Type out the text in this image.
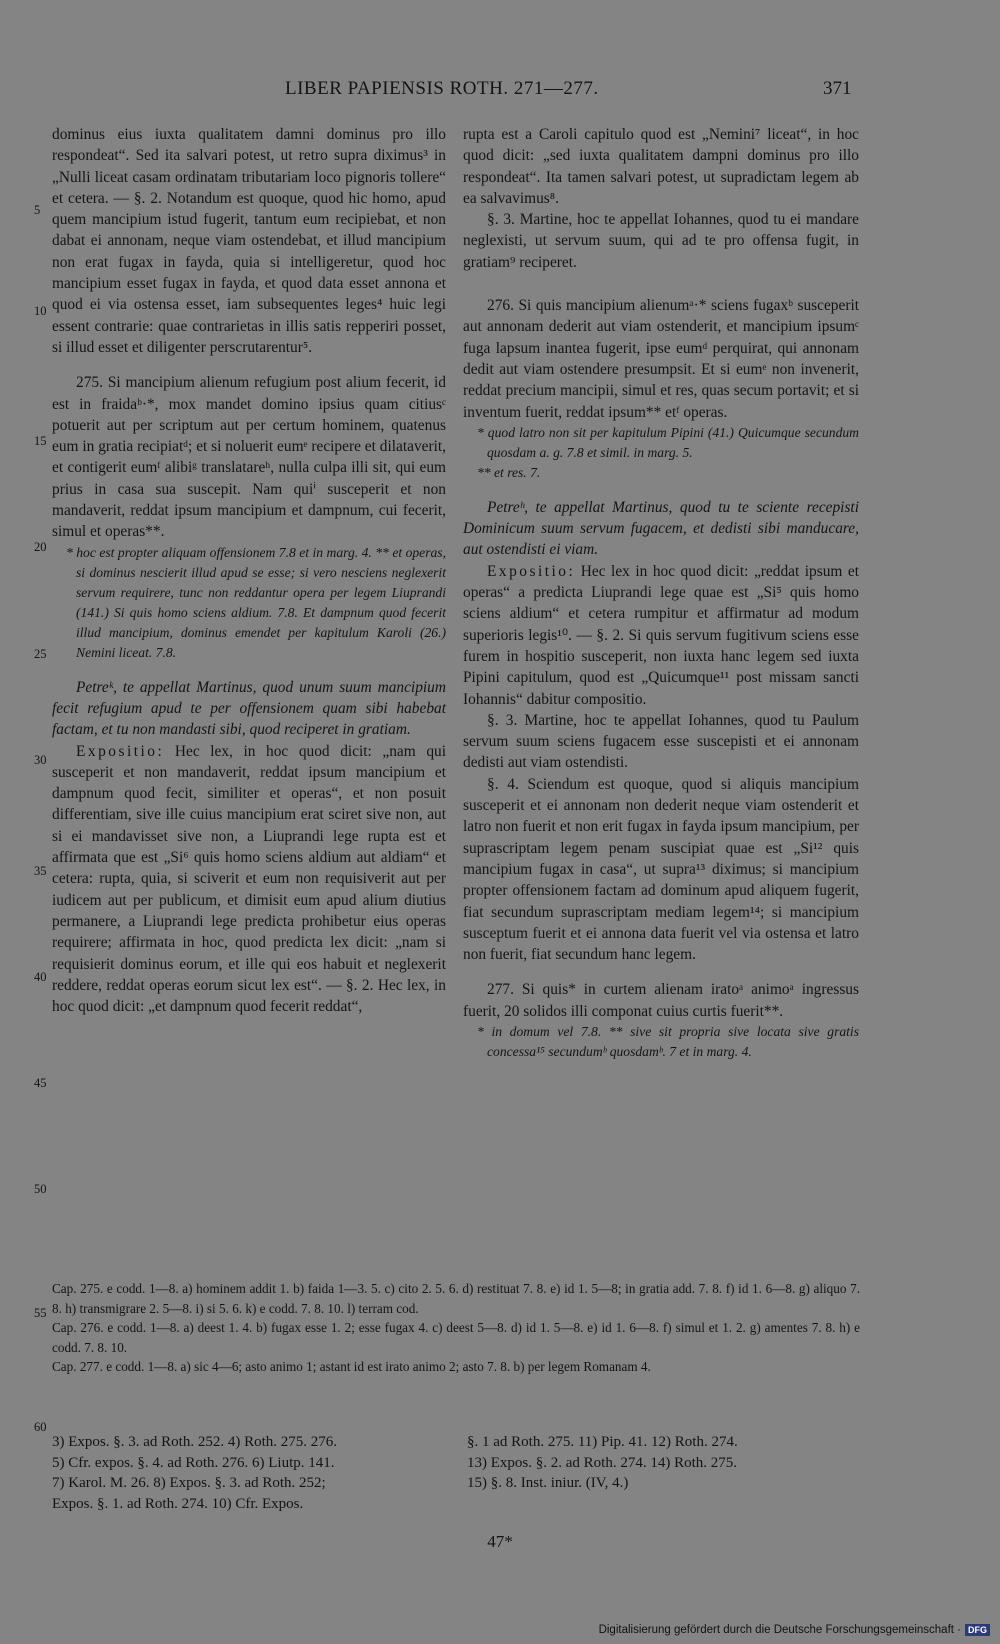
LIBER PAPIENSIS ROTH. 271—277.	371
5
10
15
20
25
30
35
40
45
50
55
60

dominus eius iuxta qualitatem damni dominus pro illo respondeat“. Sed ita salvari potest, ut retro supra diximus³ in „Nulli liceat casam ordinatam tributariam loco pignoris tollere“ et cetera. — §. 2. Notandum est quoque, quod hic homo, apud quem mancipium istud fugerit, tantum eum recipiebat, et non dabat ei annonam, neque viam ostendebat, et illud mancipium non erat fugax in fayda, quia si intelligeretur, quod hoc mancipium esset fugax in fayda, et quod data esset annona et quod ei via ostensa esset, iam subsequentes leges⁴ huic legi essent contrarie: quae contrarietas in illis satis repperiri posset, si illud esset et diligenter perscrutarentur⁵.

275. Si mancipium alienum refugium post alium fecerit, id est in fraidaᵇ·*, mox mandet domino ipsius quam citiusᶜ potuerit aut per scriptum aut per certum hominem, quatenus eum in gratia recipiatᵈ; et si noluerit eumᵉ recipere et dilataverit, et contigerit eumᶠ alibiᵍ translatareʰ, nulla culpa illi sit, qui eum prius in casa sua suscepit. Nam quiⁱ susceperit et non mandaverit, reddat ipsum mancipium et dampnum, cui fecerit, simul et operas**.

* hoc est propter aliquam offensionem 7.8 et in marg. 4. ** et operas, si dominus nescierit illud apud se esse; si vero nesciens neglexerit servum requirere, tunc non reddantur opera per legem Liuprandi (141.) Si quis homo sciens aldium. 7.8. Et dampnum quod fecerit illud mancipium, dominus emendet per kapitulum Karoli (26.) Nemini liceat. 7.8.

Petreᵏ, te appellat Martinus, quod unum suum mancipium fecit refugium apud te per offensionem quam sibi habebat factam, et tu non mandasti sibi, quod reciperet in gratiam.

Expositio: Hec lex, in hoc quod dicit: „nam qui susceperit et non mandaverit, reddat ipsum mancipium et dampnum quod fecit, similiter et operas“, et non posuit differentiam, sive ille cuius mancipium erat sciret sive non, aut si ei mandavisset sive non, a Liuprandi lege rupta est et affirmata que est „Si⁶ quis homo sciens aldium aut aldiam“ et cetera: rupta, quia, si sciverit et eum non requisiverit aut per iudicem aut per publicum, et dimisit eum apud alium diutius permanere, a Liuprandi lege predicta prohibetur eius operas requirere; affirmata in hoc, quod predicta lex dicit: „nam si requisierit dominus eorum, et ille qui eos habuit et neglexerit reddere, reddat operas eorum sicut lex est“. — §. 2. Hec lex, in hoc quod dicit: „et dampnum quod fecerit reddat“,

rupta est a Caroli capitulo quod est „Nemini⁷ liceat“, in hoc quod dicit: „sed iuxta qualitatem dampni dominus pro illo respondeat“. Ita tamen salvari potest, ut supradictam legem ab ea salvavimus⁸.

§. 3. Martine, hoc te appellat Iohannes, quod tu ei mandare neglexisti, ut servum suum, qui ad te pro offensa fugit, in gratiam⁹ reciperet.

276. Si quis mancipium alienumᵃ·* sciens fugaxᵇ susceperit aut annonam dederit aut viam ostenderit, et mancipium ipsumᶜ fuga lapsum inantea fugerit, ipse eumᵈ perquirat, qui annonam dedit aut viam ostendere presumpsit. Et si eumᵉ non invenerit, reddat precium mancipii, simul et res, quas secum portavit; et si inventum fuerit, reddat ipsum** etᶠ operas.

* quod latro non sit per kapitulum Pipini (41.) Quicumque secundum quosdam a. g. 7.8 et simil. in marg. 5.

** et res. 7.

Petreʰ, te appellat Martinus, quod tu te sciente recepisti Dominicum suum servum fugacem, et dedisti sibi manducare, aut ostendisti ei viam.

Expositio: Hec lex in hoc quod dicit: „reddat ipsum et operas“ a predicta Liuprandi lege quae est „Si⁵ quis homo sciens aldium“ et cetera rumpitur et affirmatur ad modum superioris legis¹⁰. — §. 2. Si quis servum fugitivum sciens esse furem in hospitio susceperit, non iuxta hanc legem sed iuxta Pipini capitulum, quod est „Quicumque¹¹ post missam sancti Iohannis“ dabitur compositio.

§. 3. Martine, hoc te appellat Iohannes, quod tu Paulum servum suum sciens fugacem esse suscepisti et ei annonam dedisti aut viam ostendisti.

§. 4. Sciendum est quoque, quod si aliquis mancipium susceperit et ei annonam non dederit neque viam ostenderit et latro non fuerit et non erit fugax in fayda ipsum mancipium, per suprascriptam legem penam suscipiat quae est „Si¹² quis mancipium fugax in casa“, ut supra¹³ diximus; si mancipium propter offensionem factam ad dominum apud aliquem fugerit, fiat secundum suprascriptam mediam legem¹⁴; si mancipium susceptum fuerit et ei annona data fuerit vel via ostensa et latro non fuerit, fiat secundum hanc legem.

277. Si quis* in curtem alienam iratoᵃ animoᵃ ingressus fuerit, 20 solidos illi componat cuius curtis fuerit**.

* in domum vel 7.8. ** sive sit propria sive locata sive gratis concessa¹⁵ secundumᵇ quosdamᵇ. 7 et in marg. 4.

Cap. 275. e codd. 1—8. a) hominem addit 1. b) faida 1—3. 5. c) cito 2. 5. 6. d) restituat 7. 8. e) id 1. 5—8; in gratia add. 7. 8. f) id 1. 6—8. g) aliquo 7. 8. h) transmigrare 2. 5—8. i) si 5. 6. k) e codd. 7. 8. 10. l) terram cod.

Cap. 276. e codd. 1—8. a) deest 1. 4. b) fugax esse 1. 2; esse fugax 4. c) deest 5—8. d) id 1. 5—8. e) id 1. 6—8. f) simul et 1. 2. g) amentes 7. 8. h) e codd. 7. 8. 10.

Cap. 277. e codd. 1—8. a) sic 4—6; asto animo 1; astant id est irato animo 2; asto 7. 8. b) per legem Romanam 4.

3) Expos. §. 3. ad Roth. 252. 4) Roth. 275. 276.

5) Cfr. expos. §. 4. ad Roth. 276. 6) Liutp. 141.

7) Karol. M. 26. 8) Expos. §. 3. ad Roth. 252;

Expos. §. 1. ad Roth. 274. 10) Cfr. Expos.

§. 1 ad Roth. 275. 11) Pip. 41. 12) Roth. 274.

13) Expos. §. 2. ad Roth. 274. 14) Roth. 275.

15) §. 8. Inst. iniur. (IV, 4.)

47*
Digitalisierung gefördert durch die Deutsche Forschungsgemeinschaft · DFG
